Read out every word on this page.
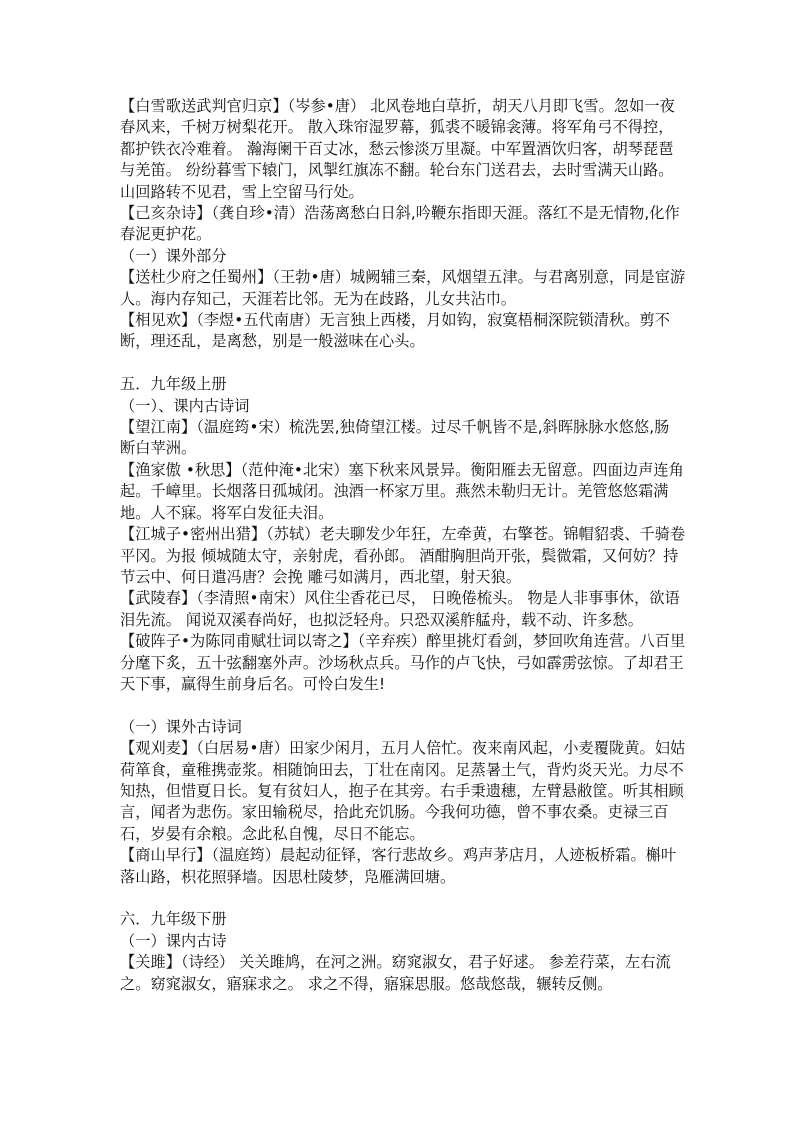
【白雪歌送武判官归京】（岑参•唐） 北风卷地白草折，胡天八月即飞雪。忽如一夜春风来，千树万树梨花开。 散入珠帘湿罗幕，狐裘不暖锦衾薄。将军角弓不得控，都护铁衣冷难着。 瀚海阑干百丈冰，愁云惨淡万里凝。中军置酒饮归客，胡琴琵琶与羌笛。 纷纷暮雪下辕门，风掣红旗冻不翻。轮台东门送君去，去时雪满天山路。 山回路转不见君，雪上空留马行处。

【己亥杂诗】（龚自珍•清）浩荡离愁白日斜,吟鞭东指即天涯。落红不是无情物,化作春泥更护花。

（一）课外部分

【送杜少府之任蜀州】（王勃•唐）城阙辅三秦，风烟望五津。与君离别意，同是宦游人。海内存知己，天涯若比邻。无为在歧路，儿女共沾巾。

【相见欢】（李煜•五代南唐）无言独上西楼，月如钩，寂寞梧桐深院锁清秋。剪不断，理还乱，是离愁，别是一般滋味在心头。

五．九年级上册

（一）、课内古诗词

【望江南】（温庭筠•宋）梳洗罢,独倚望江楼。过尽千帆皆不是,斜晖脉脉水悠悠,肠 断白苹洲。

【渔家傲 •秋思】（范仲淹•北宋）塞下秋来风景异。衡阳雁去无留意。四面边声连角起。千嶂里。长烟落日孤城闭。浊酒一杯家万里。燕然未勒归无计。羌管悠悠霜满地。人不寐。将军白发征夫泪。

【江城子•密州出猎】（苏轼）老夫聊发少年狂，左牵黄，右擎苍。锦帽貂裘、千骑卷平冈。为报 倾城随太守，亲射虎，看孙郎。 酒酣胸胆尚开张，鬓微霜，又何妨？持节云中、何日遣冯唐？会挽 雕弓如满月，西北望，射天狼。

【武陵春】（李清照•南宋）风住尘香花已尽， 日晚倦梳头。 物是人非事事休，欲语泪先流。 闻说双溪春尚好，也拟泛轻舟。只恐双溪舴艋舟，载不动、许多愁。

【破阵子•为陈同甫赋壮词以寄之】（辛弃疾）醉里挑灯看剑，梦回吹角连营。八百里分麾下炙，五十弦翻塞外声。沙场秋点兵。马作的卢飞快，弓如霹雳弦惊。了却君王天下事，赢得生前身后名。可怜白发生!

（一）课外古诗词

【观刈麦】（白居易•唐）田家少闲月，五月人倍忙。夜来南风起，小麦覆陇黄。妇姑荷箪食，童稚携壶浆。相随饷田去，丁壮在南冈。足蒸暑土气，背灼炎天光。力尽不知热，但惜夏日长。复有贫妇人，抱子在其旁。右手秉遗穗，左臂悬敝筐。听其相顾言，闻者为悲伤。家田输税尽，拾此充饥肠。今我何功德，曾不事农桑。吏禄三百石，岁晏有余粮。念此私自愧，尽日不能忘。

【商山早行】（温庭筠）晨起动征铎，客行悲故乡。鸡声茅店月，人迹板桥霜。槲叶落山路，枳花照驿墙。因思杜陵梦，凫雁满回塘。

六．九年级下册

（一）课内古诗

【关雎】（诗经） 关关雎鸠，在河之洲。窈窕淑女，君子好逑。 参差荇菜，左右流之。窈窕淑女，寤寐求之。 求之不得，寤寐思服。悠哉悠哉，辗转反侧。
